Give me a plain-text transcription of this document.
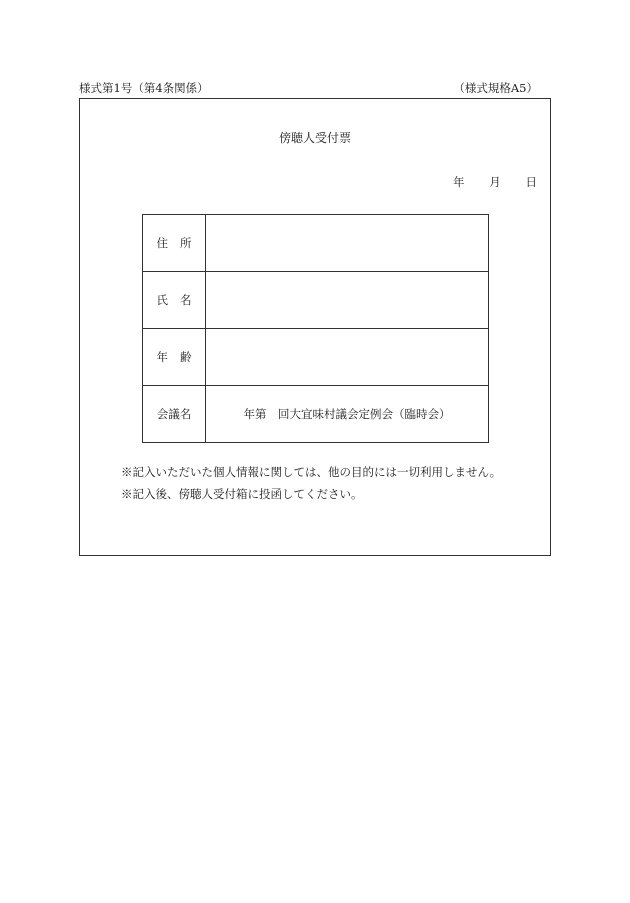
様式第1号（第4条関係）	（様式規格A5）
傍聴人受付票
年 月 日
住 所	

氏 名	

年 齢	

会議名	年第　回大宜味村議会定例会（臨時会）
※記入いただいた個人情報に関しては、他の目的には一切利用しません。
※記入後、傍聴人受付箱に投函してください。
